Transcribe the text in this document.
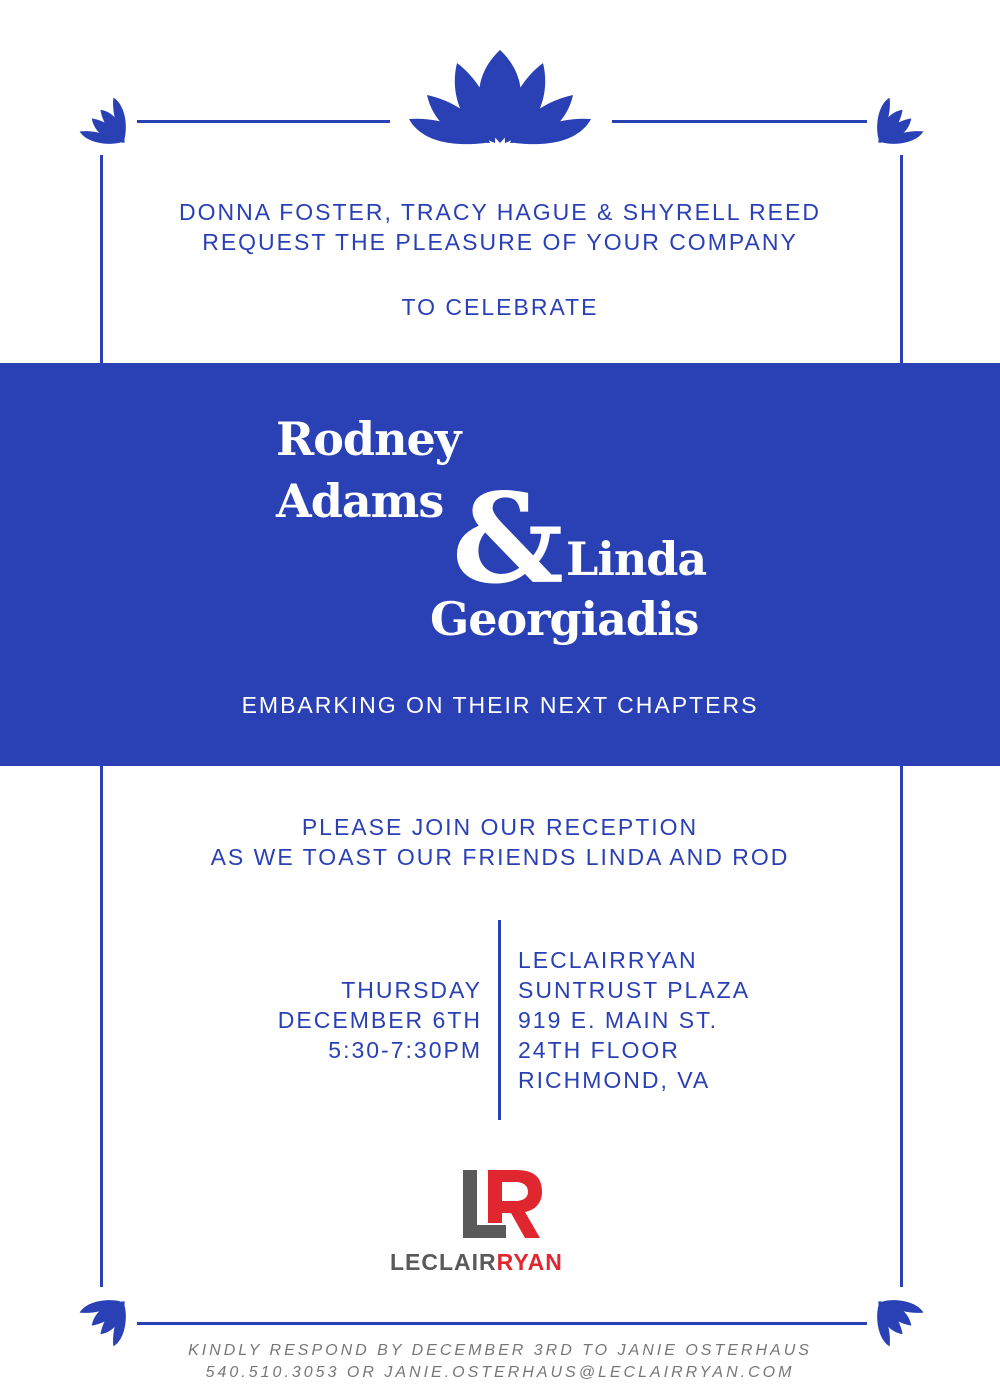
DONNA FOSTER, TRACY HAGUE & SHYRELL REED
REQUEST THE PLEASURE OF YOUR COMPANY
TO CELEBRATE
Rodney
Adams & Linda
Georgiadis
EMBARKING ON THEIR NEXT CHAPTERS
PLEASE JOIN OUR RECEPTION
AS WE TOAST OUR FRIENDS LINDA AND ROD
THURSDAY
DECEMBER 6TH
5:30-7:30PM
LECLAIRRYAN
SUNTRUST PLAZA
919 E. MAIN ST.
24TH FLOOR
RICHMOND, VA
LECLAIRRYAN
KINDLY RESPOND BY DECEMBER 3RD TO JANIE OSTERHAUS
540.510.3053 OR JANIE.OSTERHAUS@LECLAIRRYAN.COM
